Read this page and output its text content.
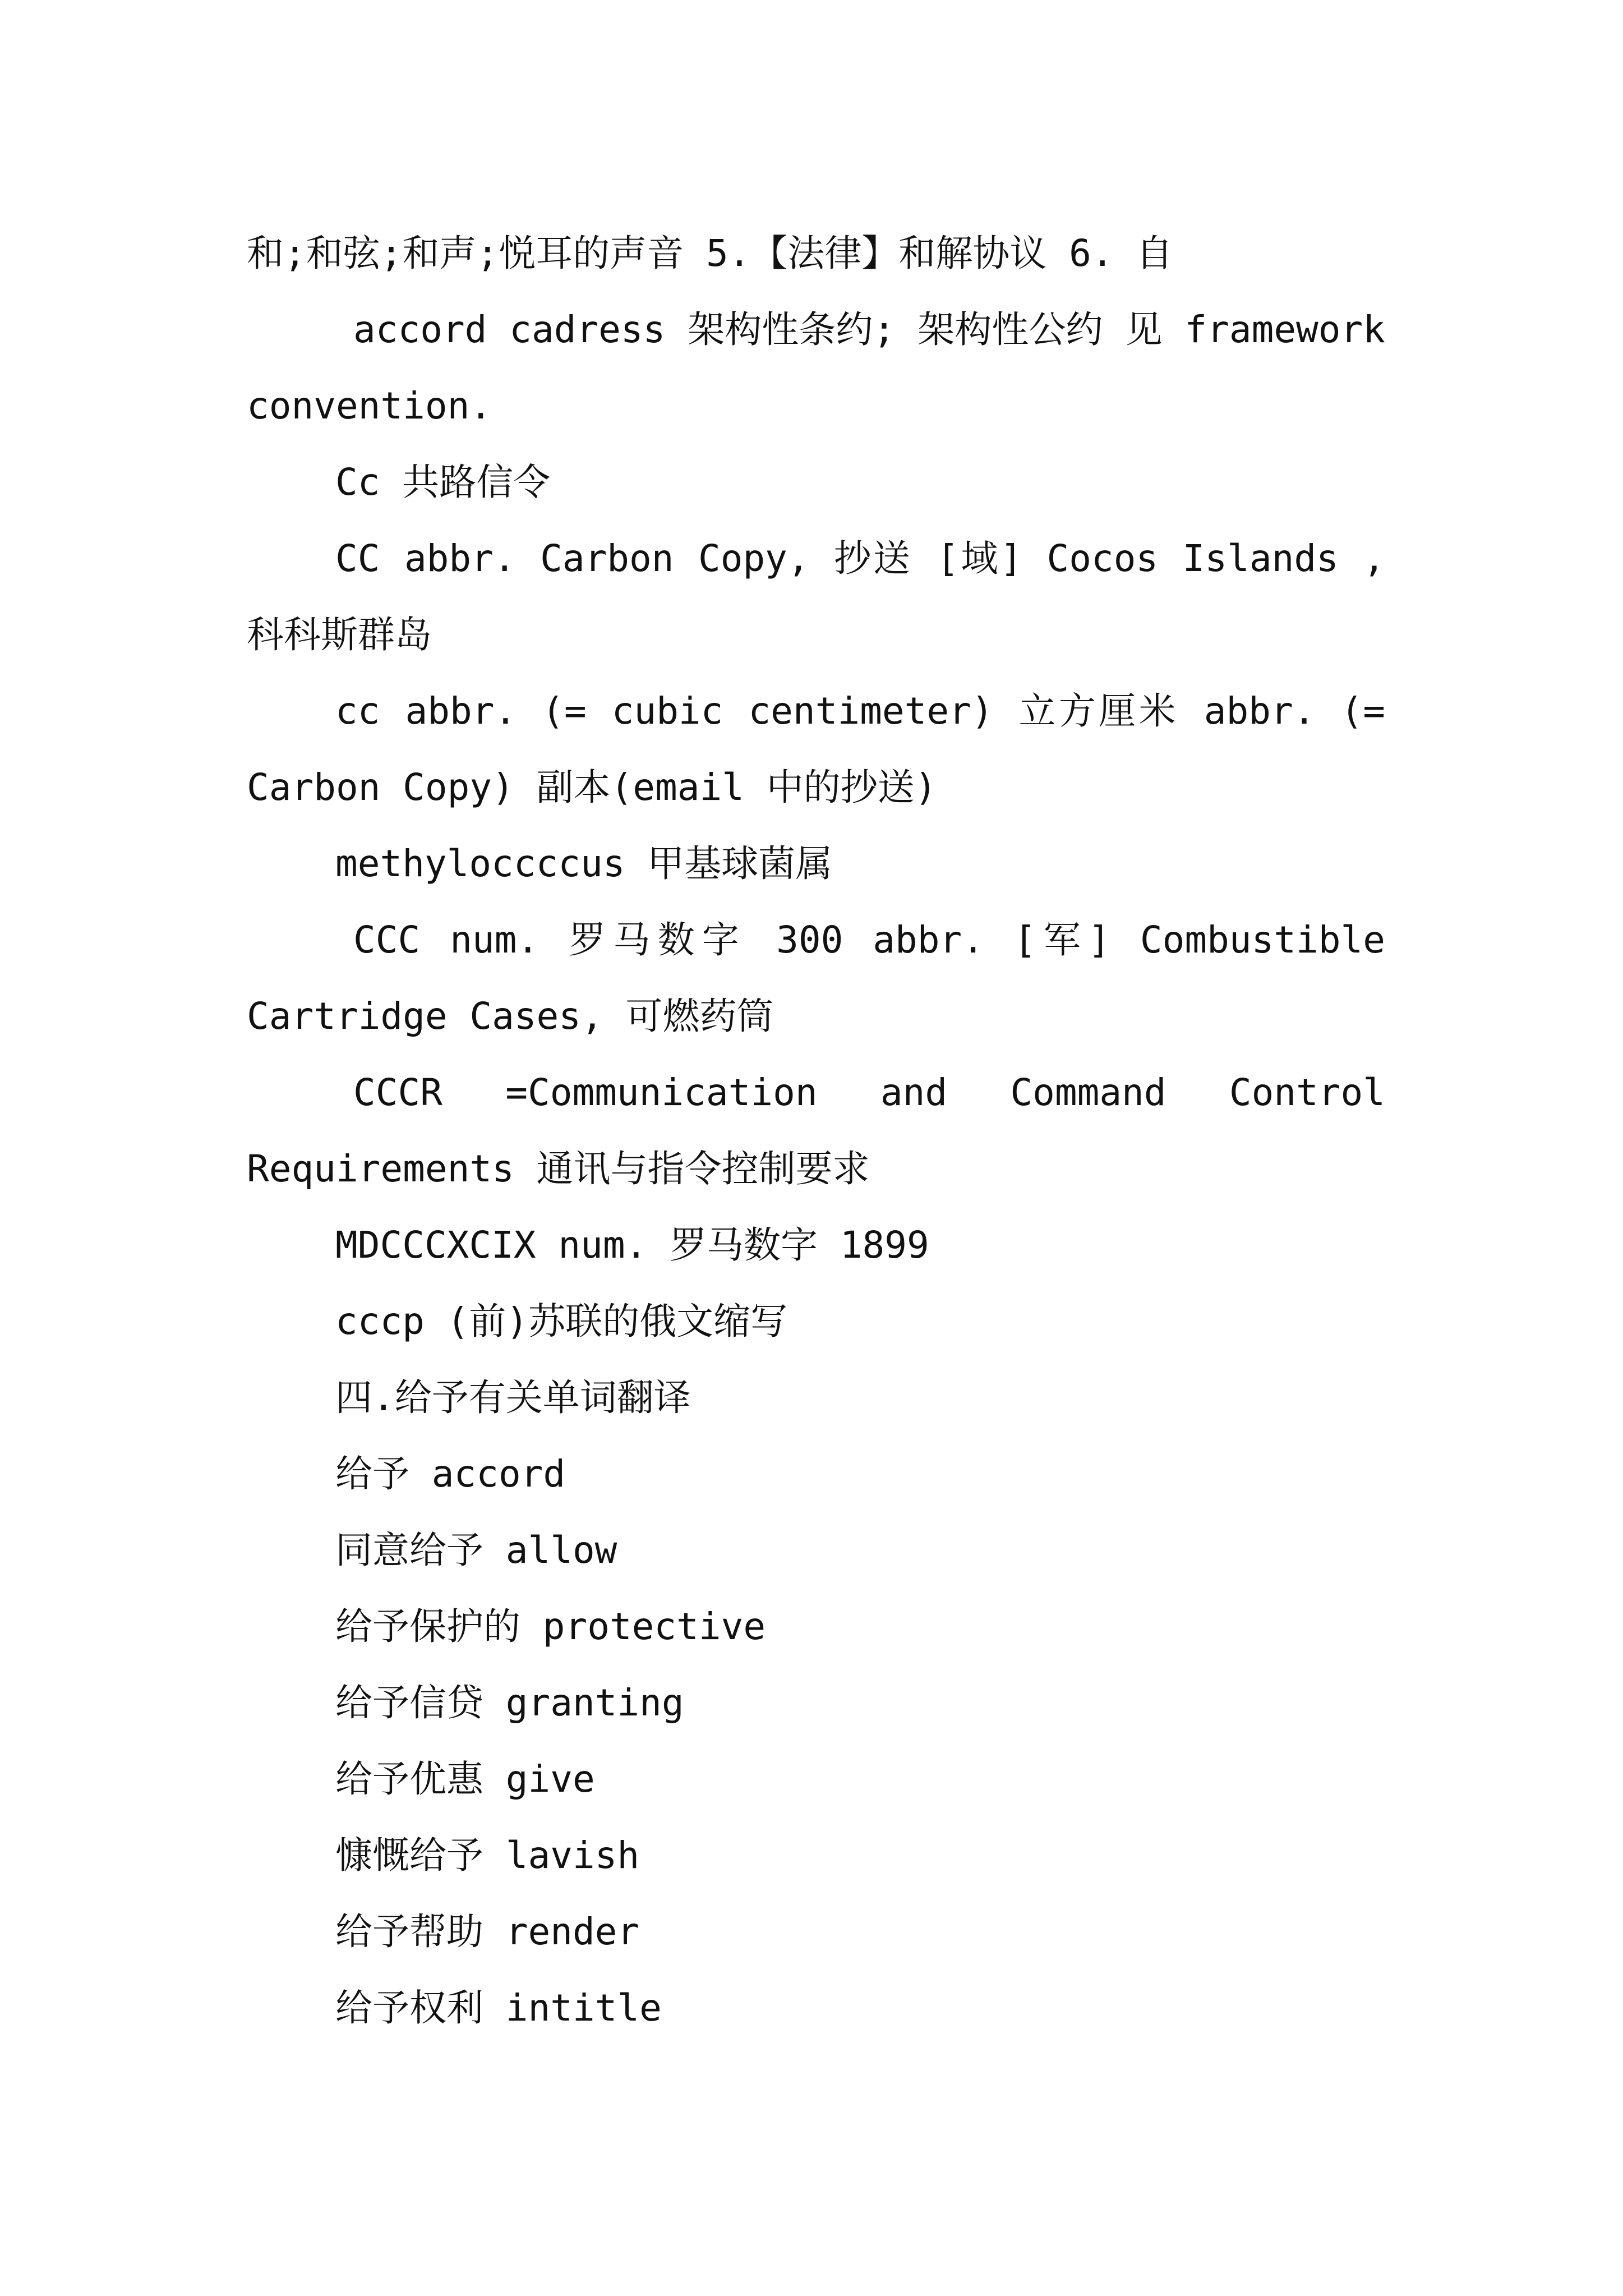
和;和弦;和声;悦耳的声音 5.【法律】和解协议 6. 自

accord cadress 架构性条约; 架构性公约 见 framework convention.

Cc 共路信令

CC abbr. Carbon Copy, 抄送 [域] Cocos Islands , 科科斯群岛

cc abbr. (= cubic centimeter) 立方厘米 abbr. (= Carbon Copy) 副本(email 中的抄送)

methyloccccus 甲基球菌属

CCC num. 罗马数字 300 abbr. [军] Combustible Cartridge Cases, 可燃药筒

CCCR =Communication and Command Control Requirements 通讯与指令控制要求

MDCCCXCIX num. 罗马数字 1899

cccp (前)苏联的俄文缩写

四.给予有关单词翻译

给予 accord

同意给予 allow

给予保护的 protective

给予信贷 granting

给予优惠 give

慷慨给予 lavish

给予帮助 render

给予权利 intitle
